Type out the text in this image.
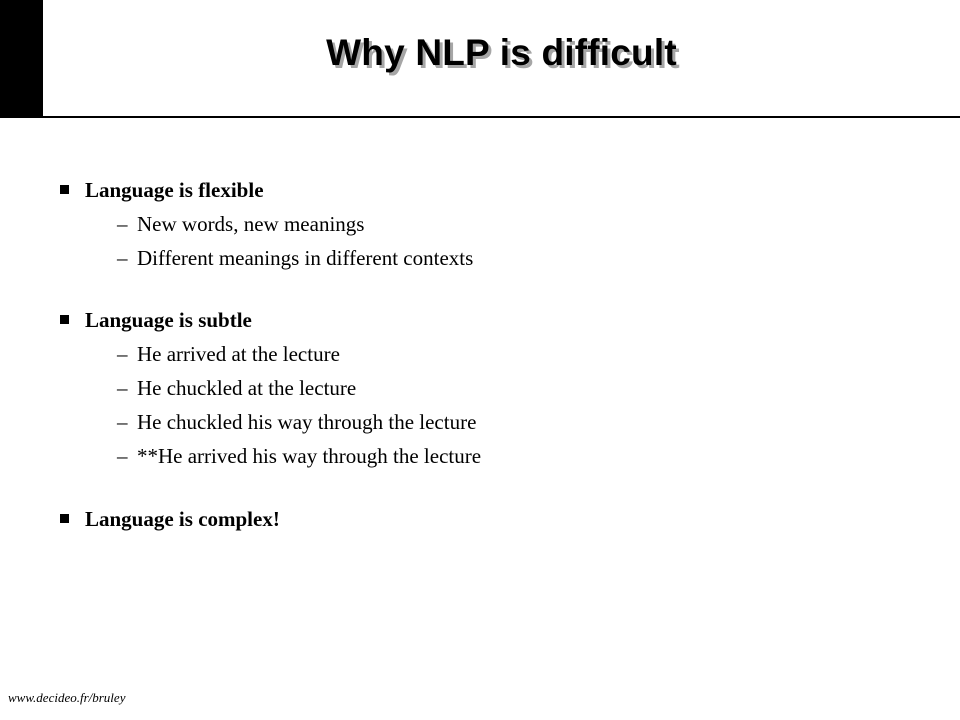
Why NLP is difficult
Language is flexible
– New words, new meanings
– Different meanings in different contexts
Language is subtle
– He arrived at the lecture
– He chuckled at the lecture
– He chuckled his way through the lecture
– **He arrived his way through the lecture
Language is complex!
www.decideo.fr/bruley
